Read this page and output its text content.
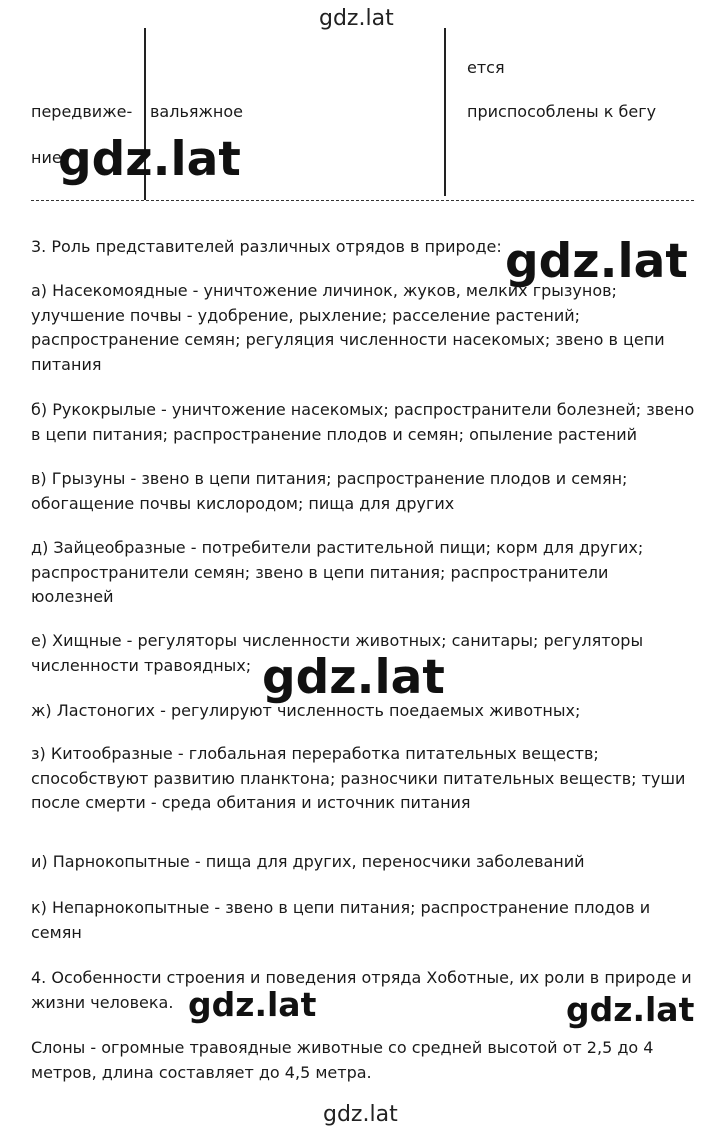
gdz.lat
передвиже-
ние
вальяжное
ется
приспособлены к бегу
3. Роль представителей различных отрядов в природе:
а) Насекомоядные - уничтожение личинок, жуков, мелких грызунов;
улучшение почвы - удобрение, рыхление; расселение растений;
распространение семян; регуляция численности насекомых; звено в цепи
питания
б) Рукокрылые - уничтожение насекомых; распространители болезней; звено
в цепи питания; распространение плодов и семян; опыление растений
в) Грызуны - звено в цепи питания; распространение плодов и семян;
обогащение почвы кислородом; пища для других
д) Зайцеобразные - потребители растительной пищи; корм для других;
распространители семян; звено в цепи питания; распространители
юолезней
е) Хищные - регуляторы численности животных; санитары; регуляторы
численности травоядных;
ж) Ластоногих - регулируют численность поедаемых животных;
з) Китообразные - глобальная переработка питательных веществ;
способствуют развитию планктона; разносчики питательных веществ; туши
после смерти - среда обитания и источник питания
и) Парнокопытные - пища для других, переносчики заболеваний
к) Непарнокопытные - звено в цепи питания; распространение плодов и
семян
4. Особенности строения и поведения отряда Хоботные, их роли в природе и
жизни человека.
Слоны - огромные травоядные животные со средней высотой от 2,5 до 4
метров, длина составляет до 4,5 метра.
gdz.lat
gdz.lat
gdz.lat
gdz.lat	gdz.lat
gdz.lat
